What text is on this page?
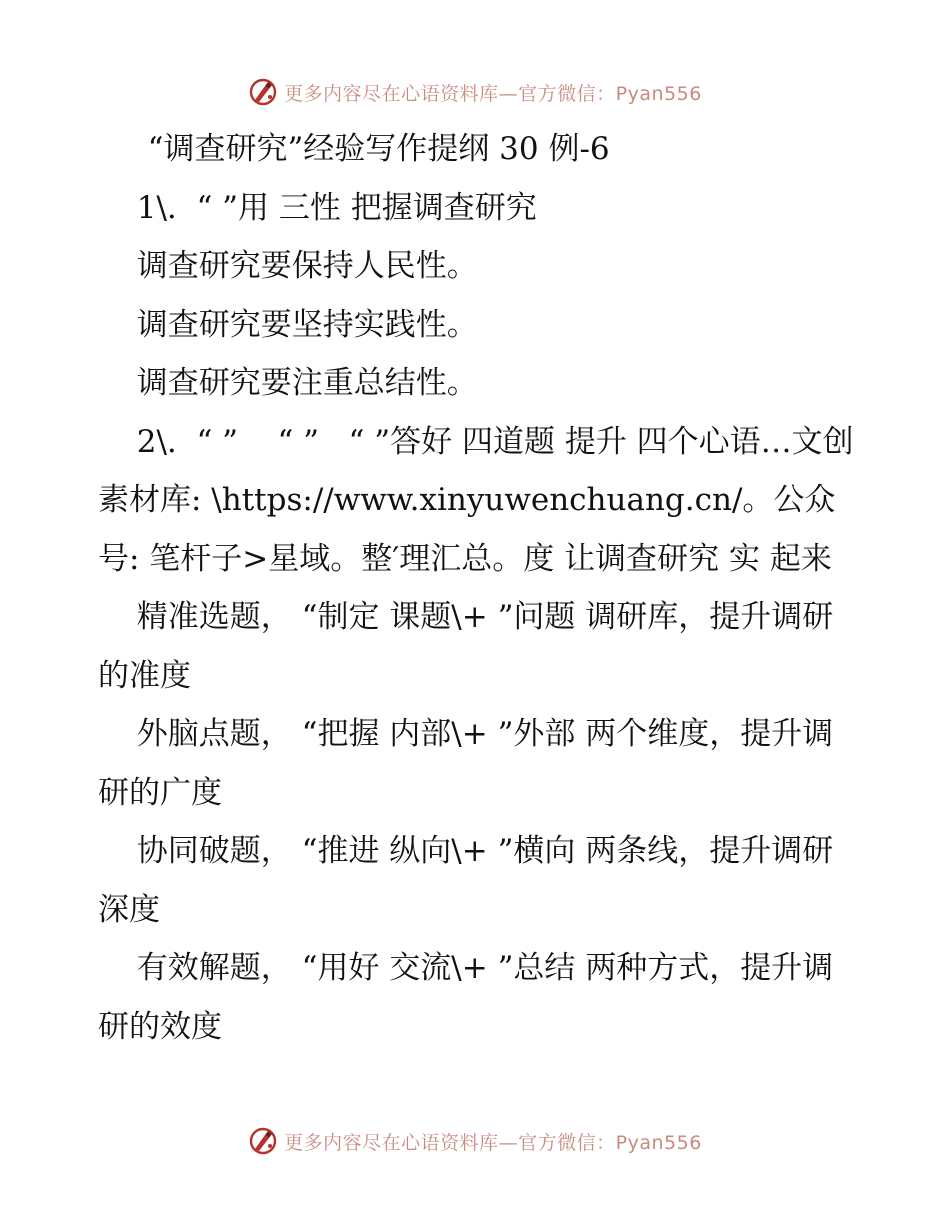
更多内容尽在心语资料库—官方微信：Pyan556

“调查研究”经验写作提纲 30 例-6

1\.  “ ”用 三性 把握调查研究

调查研究要保持人民性。

调查研究要坚持实践性。

调查研究要注重总结性。

2\.  “ ”    “ ”   “ ”答好 四道题 提升 四个心语…文创素材库: \https://www.xinyuwenchuang.cn/。公众号: 笔杆子>星域。整′理汇总。度 让调查研究 实 起来

精准选题， “制定 课题\+ ”问题 调研库，提升调研的准度

外脑点题， “把握 内部\+ ”外部 两个维度，提升调研的广度

协同破题， “推进 纵向\+ ”横向 两条线，提升调研深度

有效解题， “用好 交流\+ ”总结 两种方式，提升调研的效度

更多内容尽在心语资料库—官方微信：Pyan556
